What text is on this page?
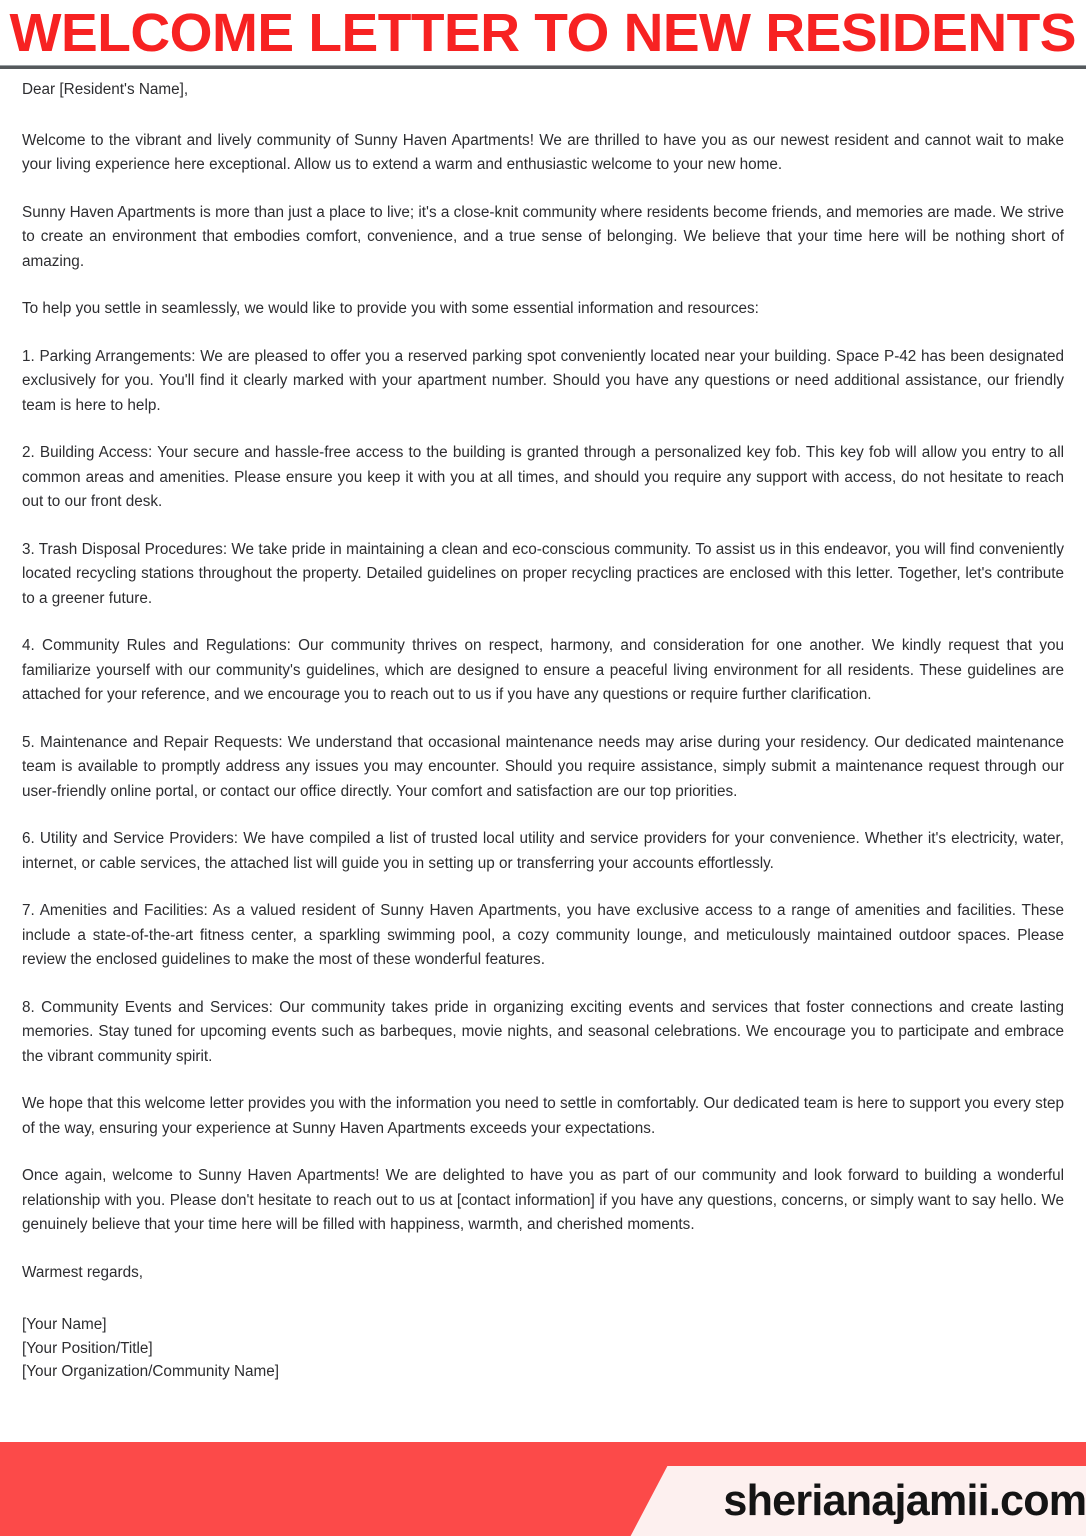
WELCOME LETTER TO NEW RESIDENTS

Dear [Resident's Name],

Welcome to the vibrant and lively community of Sunny Haven Apartments! We are thrilled to have you as our newest resident and cannot wait to make your living experience here exceptional. Allow us to extend a warm and enthusiastic welcome to your new home.

Sunny Haven Apartments is more than just a place to live; it's a close-knit community where residents become friends, and memories are made. We strive to create an environment that embodies comfort, convenience, and a true sense of belonging. We believe that your time here will be nothing short of amazing.

To help you settle in seamlessly, we would like to provide you with some essential information and resources:

1. Parking Arrangements: We are pleased to offer you a reserved parking spot conveniently located near your building. Space P-42 has been designated exclusively for you. You'll find it clearly marked with your apartment number. Should you have any questions or need additional assistance, our friendly team is here to help.

2. Building Access: Your secure and hassle-free access to the building is granted through a personalized key fob. This key fob will allow you entry to all common areas and amenities. Please ensure you keep it with you at all times, and should you require any support with access, do not hesitate to reach out to our front desk.

3. Trash Disposal Procedures: We take pride in maintaining a clean and eco-conscious community. To assist us in this endeavor, you will find conveniently located recycling stations throughout the property. Detailed guidelines on proper recycling practices are enclosed with this letter. Together, let's contribute to a greener future.

4. Community Rules and Regulations: Our community thrives on respect, harmony, and consideration for one another. We kindly request that you familiarize yourself with our community's guidelines, which are designed to ensure a peaceful living environment for all residents. These guidelines are attached for your reference, and we encourage you to reach out to us if you have any questions or require further clarification.

5. Maintenance and Repair Requests: We understand that occasional maintenance needs may arise during your residency. Our dedicated maintenance team is available to promptly address any issues you may encounter. Should you require assistance, simply submit a maintenance request through our user-friendly online portal, or contact our office directly. Your comfort and satisfaction are our top priorities.

6. Utility and Service Providers: We have compiled a list of trusted local utility and service providers for your convenience. Whether it's electricity, water, internet, or cable services, the attached list will guide you in setting up or transferring your accounts effortlessly.

7. Amenities and Facilities: As a valued resident of Sunny Haven Apartments, you have exclusive access to a range of amenities and facilities. These include a state-of-the-art fitness center, a sparkling swimming pool, a cozy community lounge, and meticulously maintained outdoor spaces. Please review the enclosed guidelines to make the most of these wonderful features.

8. Community Events and Services: Our community takes pride in organizing exciting events and services that foster connections and create lasting memories. Stay tuned for upcoming events such as barbeques, movie nights, and seasonal celebrations. We encourage you to participate and embrace the vibrant community spirit.

We hope that this welcome letter provides you with the information you need to settle in comfortably. Our dedicated team is here to support you every step of the way, ensuring your experience at Sunny Haven Apartments exceeds your expectations.

Once again, welcome to Sunny Haven Apartments! We are delighted to have you as part of our community and look forward to building a wonderful relationship with you. Please don't hesitate to reach out to us at [contact information] if you have any questions, concerns, or simply want to say hello. We genuinely believe that your time here will be filled with happiness, warmth, and cherished moments.

Warmest regards,

[Your Name]
[Your Position/Title]
[Your Organization/Community Name]
sherianajamii.com
